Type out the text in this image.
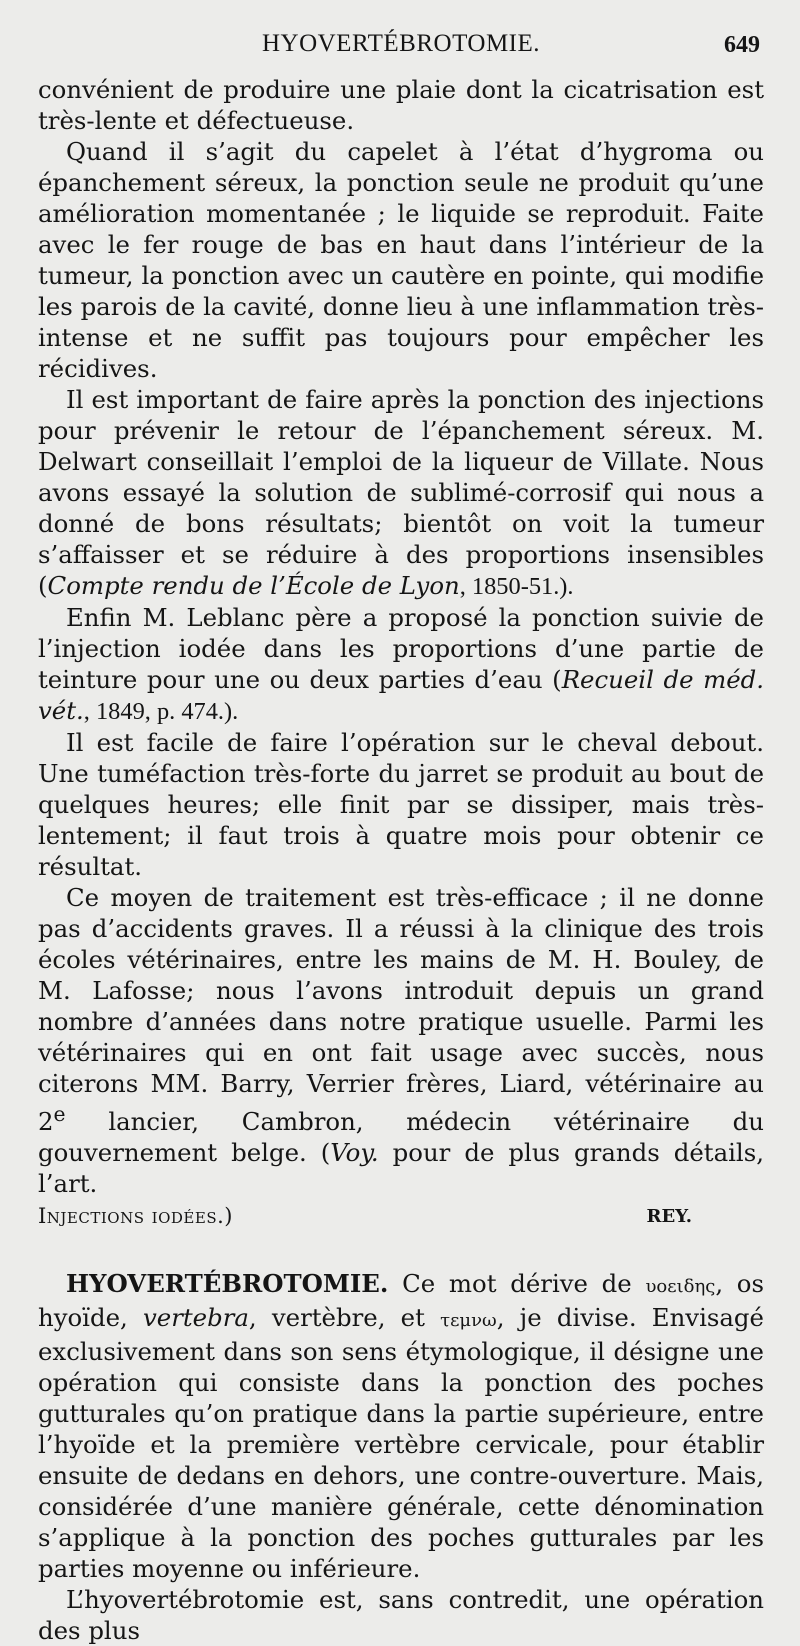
HYOVERTÉBROTOMIE.	649

convénient de produire une plaie dont la cicatrisation est très-lente et défectueuse.

Quand il s’agit du capelet à l’état d’hygroma ou épanchement séreux, la ponction seule ne produit qu’une amélioration momentanée ; le liquide se reproduit. Faite avec le fer rouge de bas en haut dans l’intérieur de la tumeur, la ponction avec un cautère en pointe, qui modifie les parois de la cavité, donne lieu à une inflammation très-intense et ne suffit pas toujours pour empêcher les récidives.

Il est important de faire après la ponction des injections pour prévenir le retour de l’épanchement séreux. M. Delwart conseillait l’emploi de la liqueur de Villate. Nous avons essayé la solution de sublimé-corrosif qui nous a donné de bons résultats; bientôt on voit la tumeur s’affaisser et se réduire à des proportions insensibles (Compte rendu de l’École de Lyon, 1850-51.).

Enfin M. Leblanc père a proposé la ponction suivie de l’injection iodée dans les proportions d’une partie de teinture pour une ou deux parties d’eau (Recueil de méd. vét., 1849, p. 474.).

Il est facile de faire l’opération sur le cheval debout. Une tuméfaction très-forte du jarret se produit au bout de quelques heures; elle finit par se dissiper, mais très-lentement; il faut trois à quatre mois pour obtenir ce résultat.

Ce moyen de traitement est très-efficace ; il ne donne pas d’accidents graves. Il a réussi à la clinique des trois écoles vétérinaires, entre les mains de M. H. Bouley, de M. Lafosse; nous l’avons introduit depuis un grand nombre d’années dans notre pratique usuelle. Parmi les vétérinaires qui en ont fait usage avec succès, nous citerons MM. Barry, Verrier frères, Liard, vétérinaire au 2e lancier, Cambron, médecin vétérinaire du gouvernement belge. (Voy. pour de plus grands détails, l’art.

Injections iodées.)	REY.

HYOVERTÉBROTOMIE. Ce mot dérive de υοειδης, os hyoïde, vertebra, vertèbre, et τεμνω, je divise. Envisagé exclusivement dans son sens étymologique, il désigne une opération qui consiste dans la ponction des poches gutturales qu’on pratique dans la partie supérieure, entre l’hyoïde et la première vertèbre cervicale, pour établir ensuite de dedans en dehors, une contre-ouverture. Mais, considérée d’une manière générale, cette dénomination s’applique à la ponction des poches gutturales par les parties moyenne ou inférieure.

L’hyovertébrotomie est, sans contredit, une opération des plus
